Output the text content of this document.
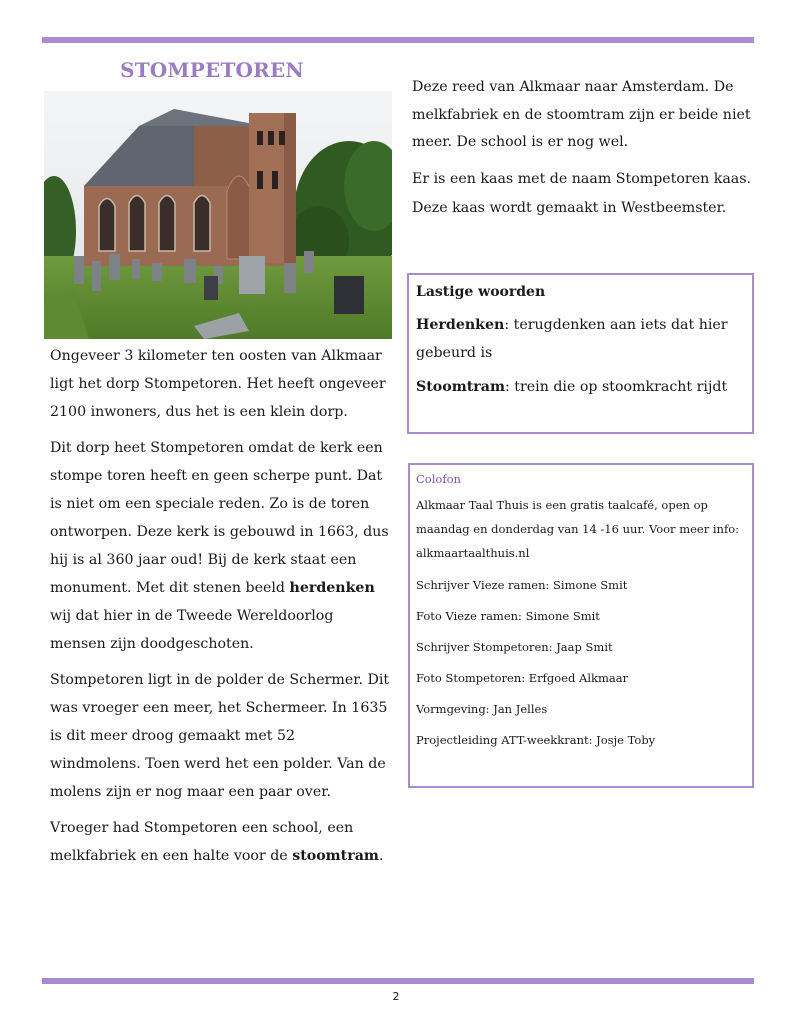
STOMPETOREN

Ongeveer 3 kilometer ten oosten van Alkmaar ligt het dorp Stompetoren. Het heeft ongeveer 2100 inwoners, dus het is een klein dorp.

Dit dorp heet Stompetoren omdat de kerk een stompe toren heeft en geen scherpe punt. Dat is niet om een speciale reden. Zo is de toren ontworpen. Deze kerk is gebouwd in 1663, dus hij is al 360 jaar oud! Bij de kerk staat een monument. Met dit stenen beeld herdenken wij dat hier in de Tweede Wereldoorlog mensen zijn doodgeschoten.

Stompetoren ligt in de polder de Schermer. Dit was vroeger een meer, het Schermeer. In 1635 is dit meer droog gemaakt met 52 windmolens. Toen werd het een polder. Van de molens zijn er nog maar een paar over.

Vroeger had Stompetoren een school, een melkfabriek en een halte voor de stoomtram.

Deze reed van Alkmaar naar Amsterdam. De melkfabriek en de stoomtram zijn er beide niet meer. De school is er nog wel.

Er is een kaas met de naam Stompetoren kaas. Deze kaas wordt gemaakt in Westbeemster.

Lastige woorden

Herdenken: terugdenken aan iets dat hier gebeurd is

Stoomtram: trein die op stoomkracht rijdt

Colofon

Alkmaar Taal Thuis is een gratis taalcafé, open op maandag en donderdag van 14 -16 uur. Voor meer info: alkmaartaalthuis.nl

Schrijver Vieze ramen: Simone Smit

Foto Vieze ramen: Simone Smit

Schrijver Stompetoren: Jaap Smit

Foto Stompetoren: Erfgoed Alkmaar

Vormgeving: Jan Jelles

Projectleiding ATT-weekkrant: Josje Toby

2
